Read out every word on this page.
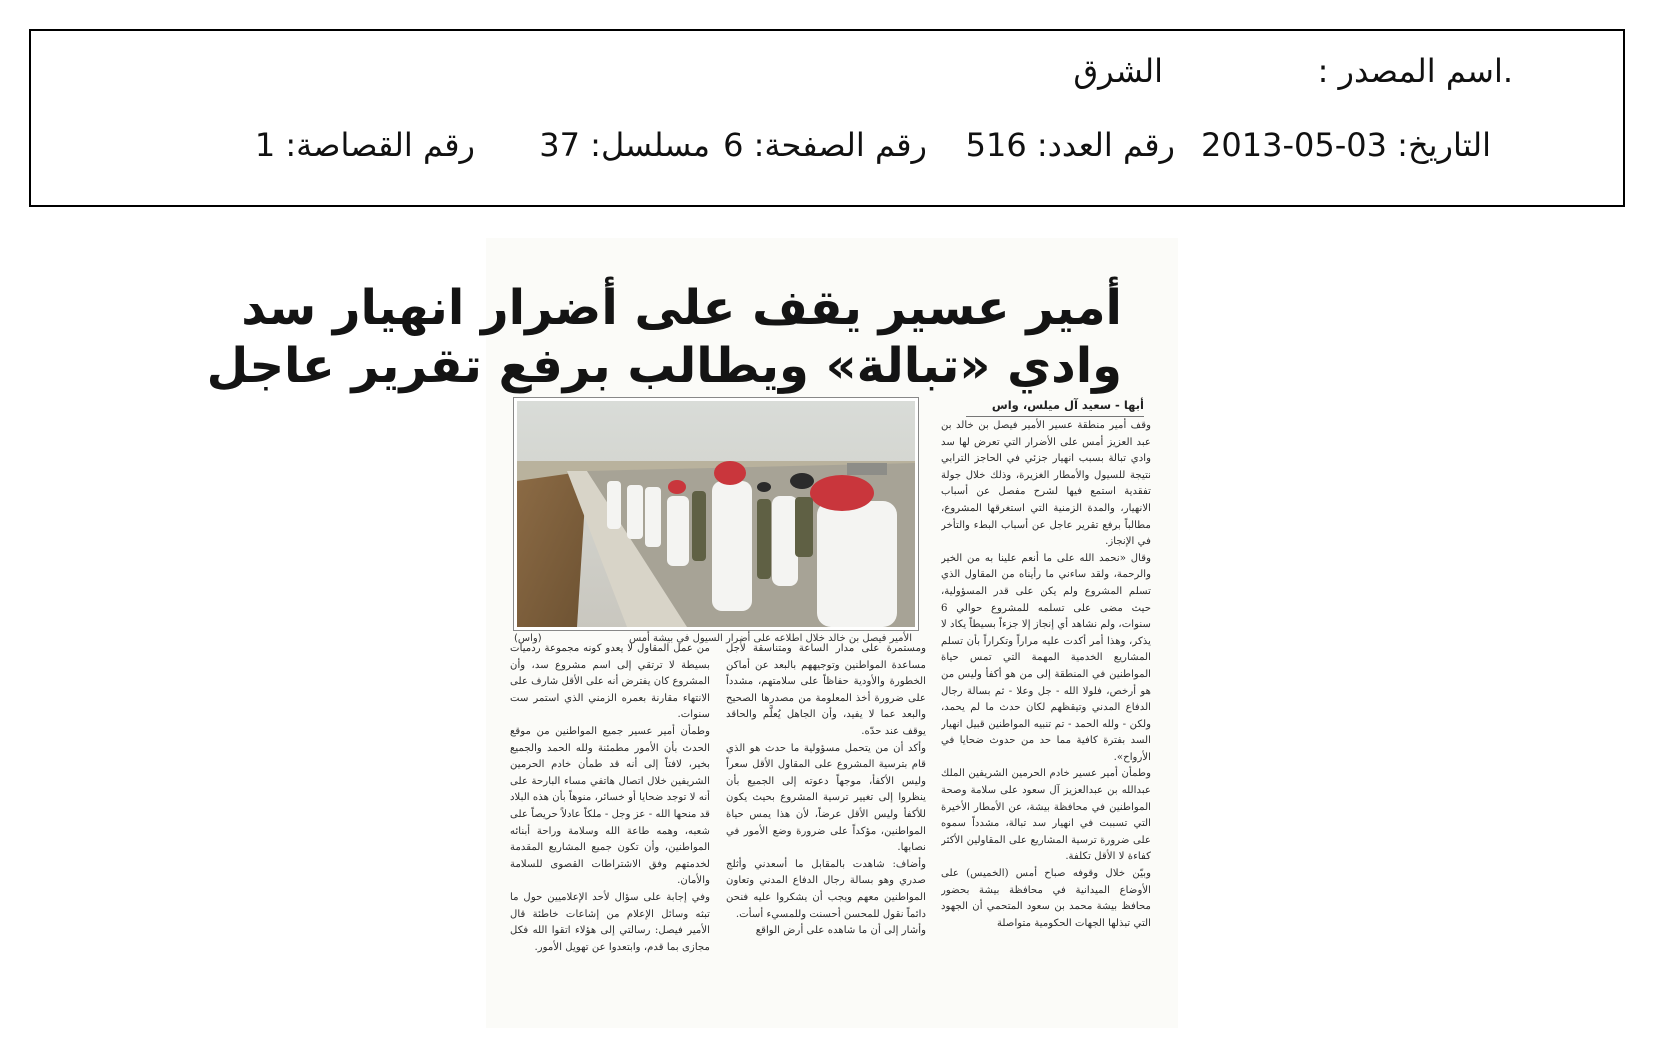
.اسم المصدر :
الشرق
التاريخ: 03-05-2013
رقم العدد: 516
رقم الصفحة: 6
مسلسل: 37
رقم القصاصة: 1
أمير عسير يقف على أضرار انهيار سد
وادي «تبالة» ويطالب برفع تقرير عاجل
أبها - سعيد آل ميلس، واس
الأمير فيصل بن خالد خلال اطلاعه على أضرار السيول في بيشة أمس
(واس)
وقف أمير منطقة عسير الأمير فيصل بن خالد بن عبد العزيز أمس على الأضرار التي تعرض لها سد وادي تبالة بسبب انهيار جزئي في الحاجز الترابي نتيجة للسيول والأمطار الغزيرة، وذلك خلال جولة تفقدية استمع فيها لشرح مفصل عن أسباب الانهيار، والمدة الزمنية التي استغرقها المشروع، مطالباً برفع تقرير عاجل عن أسباب البطء والتأخر في الإنجاز.
وقال «نحمد الله على ما أنعم علينا به من الخير والرحمة، ولقد ساءني ما رأيناه من المقاول الذي تسلم المشروع ولم يكن على قدر المسؤولية، حيث مضى على تسلمه للمشروع حوالي 6 سنوات، ولم نشاهد أي إنجاز إلا جزءاً بسيطاً يكاد لا يذكر، وهذا أمر أكدت عليه مراراً وتكراراً بأن تسلم المشاريع الخدمية المهمة التي تمس حياة المواطنين في المنطقة إلى من هو أكفأ وليس من هو أرخص، فلولا الله - جل وعلا - ثم بسالة رجال الدفاع المدني وتيقظهم لكان حدث ما لم يحمد، ولكن - ولله الحمد - تم تنبيه المواطنين قبيل انهيار السد بفترة كافية مما حد من حدوث ضحايا في الأرواح».
وطمأن أمير عسير خادم الحرمين الشريفين الملك عبدالله بن عبدالعزيز آل سعود على سلامة وصحة المواطنين في محافظة بيشة، عن الأمطار الأخيرة التي تسببت في انهيار سد تبالة، مشدداً سموه على ضرورة ترسية المشاريع على المقاولين الأكثر كفاءة لا الأقل تكلفة.
وبيّن خلال وقوفه صباح أمس (الخميس) على الأوضاع الميدانية في محافظة بيشة بحضور محافظ بيشة محمد بن سعود المتحمي أن الجهود التي تبذلها الجهات الحكومية متواصلة
ومستمرة على مدار الساعة ومتناسقة لأجل مساعدة المواطنين وتوجيههم بالبعد عن أماكن الخطورة والأودية حفاظاً على سلامتهم، مشدداً على ضرورة أخذ المعلومة من مصدرها الصحيح والبعد عما لا يفيد، وأن الجاهل يُعلَّم والحاقد يوقف عند حدّه.
وأكد أن من يتحمل مسؤولية ما حدث هو الذي قام بترسية المشروع على المقاول الأقل سعراً وليس الأكفأ، موجهاً دعوته إلى الجميع بأن ينظروا إلى تغيير ترسية المشروع بحيث يكون للأكفأ وليس الأقل عرضاً، لأن هذا يمس حياة المواطنين، مؤكداً على ضرورة وضع الأمور في نصابها.
وأضاف: شاهدت بالمقابل ما أسعدني وأثلج صدري وهو بسالة رجال الدفاع المدني وتعاون المواطنين معهم ويجب أن يشكروا عليه فنحن دائماً نقول للمحسن أحسنت وللمسيء أسأت.
وأشار إلى أن ما شاهده على أرض الواقع
من عمل المقاول لا يعدو كونه مجموعة ردميات بسيطة لا ترتقي إلى اسم مشروع سد، وأن المشروع كان يفترض أنه على الأقل شارف على الانتهاء مقارنة بعمره الزمني الذي استمر ست سنوات.
وطمأن أمير عسير جميع المواطنين من موقع الحدث بأن الأمور مطمئنة ولله الحمد والجميع بخير، لافتاً إلى أنه قد طمأن خادم الحرمين الشريفين خلال اتصال هاتفي مساء البارحة على أنه لا توجد ضحايا أو خسائر، منوهاً بأن هذه البلاد قد منحها الله - عز وجل - ملكاً عادلاً حريصاً على شعبه، وهمه طاعة الله وسلامة وراحة أبنائه المواطنين، وأن تكون جميع المشاريع المقدمة لخدمتهم وفق الاشتراطات القصوى للسلامة والأمان.
وفي إجابة على سؤال لأحد الإعلاميين حول ما تبثه وسائل الإعلام من إشاعات خاطئة قال الأمير فيصل: رسالتي إلى هؤلاء اتقوا الله فكل مجازى بما قدم، وابتعدوا عن تهويل الأمور.
